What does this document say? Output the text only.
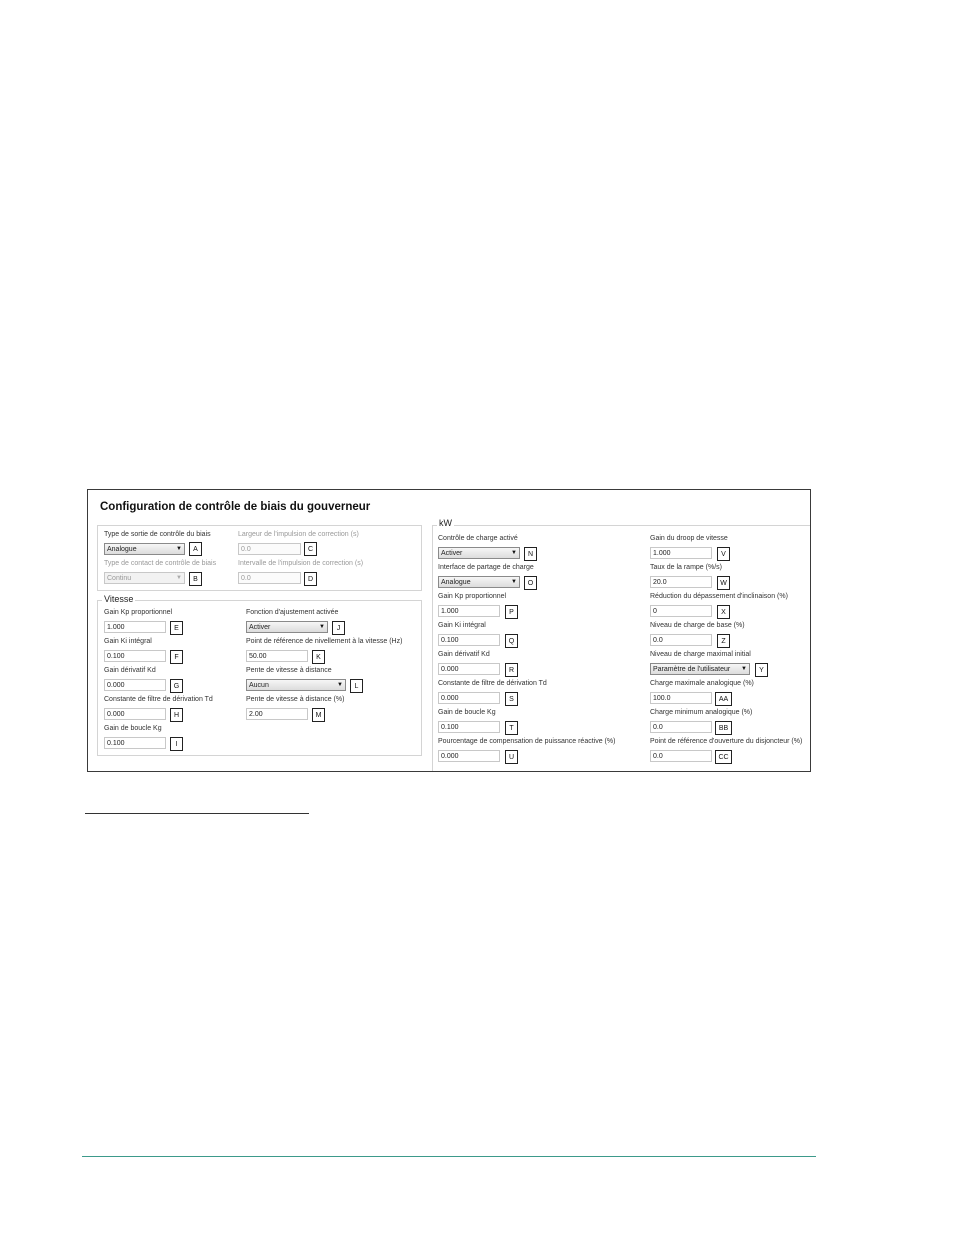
Configuration de contrôle de biais du gouverneur
Type de sortie de contrôle du biais
Analogue	▼	A
Type de contact de contrôle de biais
Continu	▼	B
Largeur de l'impulsion de correction (s)
0.0	C
Intervalle de l'impulsion de correction (s)
0.0	D
Vitesse
Gain Kp proportionnel
1.000	E
Gain Ki intégral
0.100	F
Gain dérivatif Kd
0.000	G
Constante de filtre de dérivation Td
0.000	H
Gain de boucle Kg
0.100	I
Fonction d'ajustement activée
Activer	▼	J
Point de référence de nivellement à la vitesse (Hz)
50.00	K
Pente de vitesse à distance
Aucun	▼	L
Pente de vitesse à distance (%)
2.00	M
kW
Contrôle de charge activé
Activer	▼	N
Interface de partage de charge
Analogue	▼	O
Gain Kp proportionnel
1.000	P
Gain Ki intégral
0.100	Q
Gain dérivatif Kd
0.000	R
Constante de filtre de dérivation Td
0.000	S
Gain de boucle Kg
0.100	T
Pourcentage de compensation de puissance réactive (%)
0.000	U
Gain du droop de vitesse
1.000	V
Taux de la rampe (%/s)
20.0	W
Réduction du dépassement d'inclinaison (%)
0	X
Niveau de charge de base (%)
0.0	Z
Niveau de charge maximal initial
Paramètre de l'utilisateur ▼	Y
Charge maximale analogique (%)
100.0	AA
Charge minimum analogique (%)
0.0	BB
Point de référence d'ouverture du disjoncteur (%)
0.0	CC
